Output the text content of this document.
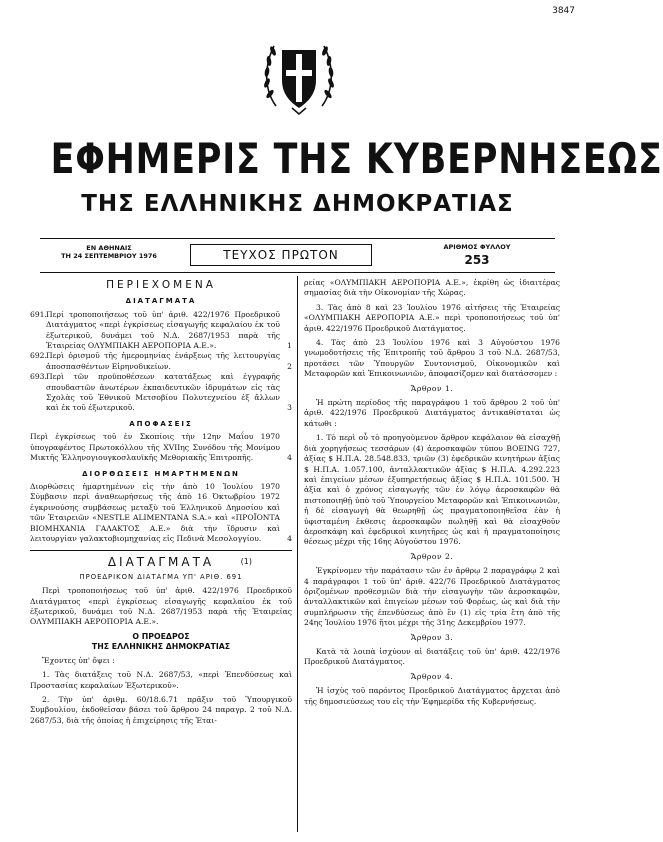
3847
ΕΦΗΜΕΡΙΣ ΤΗΣ ΚΥΒΕΡΝΗΣΕΩΣ
ΤΗΣ ΕΛΛΗΝΙΚΗΣ ΔΗΜΟΚΡΑΤΙΑΣ
ΕΝ ΑΘΗΝΑΙΣ
ΤΗ 24 ΣΕΠΤΕΜΒΡΙΟΥ 1976	ΤΕΥΧΟΣ ΠΡΩΤΟΝ
ΑΡΙΘΜΟΣ ΦΥΛΛΟΥ
253
ΠΕΡΙΕΧΟΜΕΝΑ
ΔΙΑΤΑΓΜΑΤΑ
691. Περί τροποποιήσεως τοῦ ὑπ' ἀριθ. 422/1976 Προεδρικοῦ Διατάγματος «περὶ ἐγκρίσεως εἰσαγωγῆς κεφαλαίου ἐκ τοῦ ἐξωτερικοῦ, δυνάμει τοῦ Ν.Δ. 2687/1953 παρὰ τῆς Ἑταιρείας ΟΛΥΜΠΙΑΚΗ ΑΕΡΟΠΟΡΙΑ Α.Ε.».	1
692. Περὶ ὁρισμοῦ τῆς ἡμερομηνίας ἐνάρξεως τῆς λειτουργίας ἀποσπασθέντων Εἰρηνοδικείων.	2
693. Περὶ τῶν προϋποθέσεων κατατάξεως καὶ ἐγγραφῆς σπουδαστῶν ἀνωτέρων ἐκπαιδευτικῶν ἱδρυμάτων εἰς τὰς Σχολὰς τοῦ Ἐθνικοῦ Μετσοβίου Πολυτεχνείου ἐξ ἄλλων καὶ ἐκ τοῦ ἐξωτερικοῦ.	3
ΑΠΟΦΑΣΕΙΣ
Περὶ ἐγκρίσεως τοῦ ἐν Σκοπίοις τὴν 12ην Μαΐου 1970 ὑπογραφέντος Πρωτοκόλλου τῆς ΧVIIης Συνόδου τῆς Μονίμου Μικτῆς Ἑλληνογιουγκοσλαυϊκῆς Μεθοριακῆς Ἐπιτροπῆς.	4
ΔΙΟΡΘΩΣΕΙΣ ΗΜΑΡΤΗΜΕΝΩΝ
Διορθώσεις ἡμαρτημένων εἰς τὴν ἀπὸ 10 Ἰουλίου 1970 Σύμβασιν περὶ ἀναθεωρήσεως τῆς ἀπὸ 16 Ὀκτωβρίου 1972 ἐγκρινούσης συμβάσεως μεταξὺ τοῦ Ἑλληνικοῦ Δημοσίου καὶ τῶν Ἑταιρειῶν «NESTLE ALIMENTANA S.A.» καὶ «ΠΡΟΪΟΝΤΑ ΒΙΟΜΗΧΑΝΙΑ ΓΑΛΑΚΤΟΣ Α.Ε.» διὰ τὴν ἵδρυσιν καὶ λειτουργίαν γαλακτοβιομηχανίας εἰς Πεδινὰ Μεσολογγίου.	4
ΔΙΑΤΑΓΜΑΤΑ	(1)
ΠΡΟΕΔΡΙΚΟΝ ΔΙΑΤΑΓΜΑ ΥΠ' ΑΡΙΘ. 691
Περὶ τροποποιήσεως τοῦ ὑπ' ἀριθ. 422/1976 Προεδρικοῦ Διατάγματος «περὶ ἐγκρίσεως εἰσαγωγῆς κεφαλαίου ἐκ τοῦ ἐξωτερικοῦ, δυνάμει τοῦ Ν.Δ. 2687/1953 παρὰ τῆς Ἑταιρείας ΟΛΥΜΠΙΑΚΗ ΑΕΡΟΠΟΡΙΑ Α.Ε.».
Ο ΠΡΟΕΔΡΟΣ
ΤΗΣ ΕΛΛΗΝΙΚΗΣ ΔΗΜΟΚΡΑΤΙΑΣ
Ἔχοντες ὑπ' ὄψει :
1. Τὰς διατάξεις τοῦ Ν.Δ. 2687/53, «περὶ Ἐπενδύσεως καὶ Προστασίας κεφαλαίων Ἐξωτερικοῦ».
2. Τὴν ὑπ' ἀριθμ. 60/18.6.71 πρᾶξιν τοῦ Ὑπουργικοῦ Συμβουλίου, ἐκδοθεῖσαν βάσει τοῦ ἄρθρου 24 παραγρ. 2 τοῦ Ν.Δ. 2687/53, διὰ τῆς ὁποίας ἡ ἐπιχείρησις τῆς Ἑται-
ρείας «ΟΛΥΜΠΙΑΚΗ ΑΕΡΟΠΟΡΙΑ Α.Ε.», ἐκρίθη ὡς ἰδιαιτέρας σημασίας διὰ τὴν Οἰκονομίαν τῆς Χώρας.
3. Τὰς ἀπὸ 8 καὶ 23 Ἰουλίου 1976 αἰτήσεις τῆς Ἑταιρείας «ΟΛΥΜΠΙΑΚΗ ΑΕΡΟΠΟΡΙΑ Α.Ε.» περὶ τροποποιήσεως τοῦ ὑπ' ἀριθ. 422/1976 Προεδρικοῦ Διατάγματος.
4. Τὰς ἀπὸ 23 Ἰουλίου 1976 καὶ 3 Αὐγούστου 1976 γνωμοδοτήσεις τῆς Ἐπιτροπῆς τοῦ ἄρθρου 3 τοῦ Ν.Δ. 2687/53, προτάσει τῶν Ὑπουργῶν Συντονισμοῦ, Οἰκονομικῶν καὶ Μεταφορῶν καὶ Ἐπικοινωνιῶν, ἀποφασίζομεν καὶ διατάσσομεν :
Ἄρθρον 1.
Ἡ πρώτη περίοδος τῆς παραγράφου 1 τοῦ ἄρθρου 2 τοῦ ὑπ' ἀριθ. 422/1976 Προεδρικοῦ Διατάγματος ἀντικαθίσταται ὡς κάτωθι :
1. Τὸ περὶ οὗ τὸ προηγούμενον ἄρθρον κεφάλαιον θὰ εἰσαχθῇ διὰ χορηγήσεως τεσσάρων (4) ἀεροσκαφῶν τύπου BOEING 727, ἀξίας $ Η.Π.Α. 28.548.833, τριῶν (3) ἐφεδρικῶν κινητήρων ἀξίας $ Η.Π.Α. 1.057.100, ἀνταλλακτικῶν ἀξίας $ Η.Π.Α. 4.292.223 καὶ ἐπιγείων μέσων ἐξυπηρετήσεως ἀξίας $ Η.Π.Α. 101.500. Ἡ ἀξία καὶ ὁ χρόνος εἰσαγωγῆς τῶν ἐν λόγῳ ἀεροσκαφῶν θὰ πιστοποιηθῇ ὑπὸ τοῦ Ὑπουργείου Μεταφορῶν καὶ Ἐπικοινωνιῶν, ἡ δὲ εἰσαγωγὴ θὰ θεωρηθῇ ὡς πραγματοποιηθεῖσα ἐὰν ἡ ὑφισταμένη ἔκθεσις ἀεροσκαφῶν πωληθῇ καὶ θὰ εἰσαχθοῦν ἀεροσκάφη καὶ ἐφεδρικοὶ κινητῆρες ὡς καὶ ἡ πραγματοποίησις θέσεως μέχρι τῆς 16ης Αὐγούστου 1976.
Ἄρθρον 2.
Ἐγκρίνομεν τὴν παράτασιν τῶν ἐν ἄρθρῳ 2 παραγράφῳ 2 καὶ 4 παράγραφοι 1 τοῦ ὑπ' ἀριθ. 422/76 Προεδρικοῦ Διατάγματος ὁριζομένων προθεσμιῶν διὰ τὴν εἰσαγωγὴν τῶν ἀεροσκαφῶν, ἀνταλλακτικῶν καὶ ἐπιγείων μέσων τοῦ Φορέως, ὡς καὶ διὰ τὴν συμπλήρωσιν τῆς ἐπενδύσεως ἀπὸ ἓν (1) εἰς τρία ἔτη ἀπὸ τῆς 24ης Ἰουλίου 1976 ἤτοι μέχρι τῆς 31ης Δεκεμβρίου 1977.
Ἄρθρον 3.
Κατὰ τὰ λοιπὰ ἰσχύουν αἱ διατάξεις τοῦ ὑπ' ἀριθ. 422/1976 Προεδρικοῦ Διατάγματος.
Ἄρθρον 4.
Ἡ ἰσχὺς τοῦ παρόντος Προεδρικοῦ Διατάγματος ἄρχεται ἀπὸ τῆς δημοσιεύσεως του εἰς τὴν Ἐφημερίδα τῆς Κυβερνήσεως.
